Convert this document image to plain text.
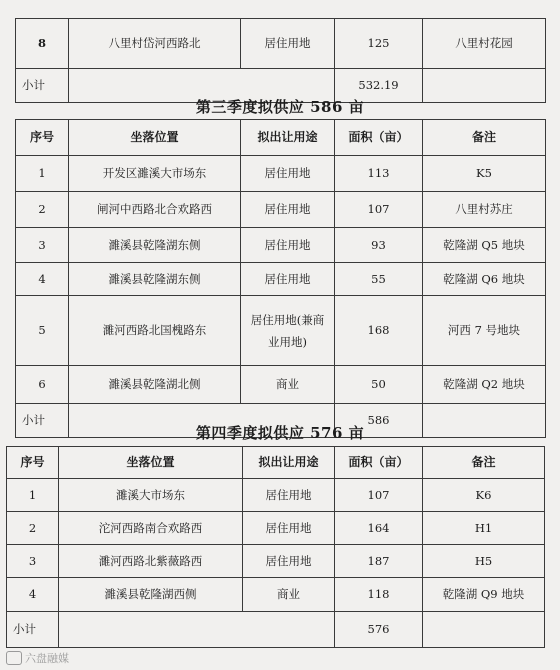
8	八里村岱河西路北	居住用地	125	八里村花园
小计			532.19	
第三季度拟供应 586 亩
序号	坐落位置	拟出让用途	面积（亩）	备注
1	开发区濉溪大市场东	居住用地	113	K5
2	闸河中西路北合欢路西	居住用地	107	八里村苏庄
3	濉溪县乾隆湖东侧	居住用地	93	乾隆湖 Q5 地块
4	濉溪县乾隆湖东侧	居住用地	55	乾隆湖 Q6 地块
5	濉河西路北国槐路东	居住用地(兼商业用地)	168	河西 7 号地块
6	濉溪县乾隆湖北侧	商业	50	乾隆湖 Q2 地块
小计			586	
第四季度拟供应 576 亩
序号	坐落位置	拟出让用途	面积（亩）	备注
1	濉溪大市场东	居住用地	107	K6
2	沱河西路南合欢路西	居住用地	164	H1
3	濉河西路北紫薇路西	居住用地	187	H5
4	濉溪县乾隆湖西侧	商业	118	乾隆湖 Q9 地块
小计			576	
六盘融媒
